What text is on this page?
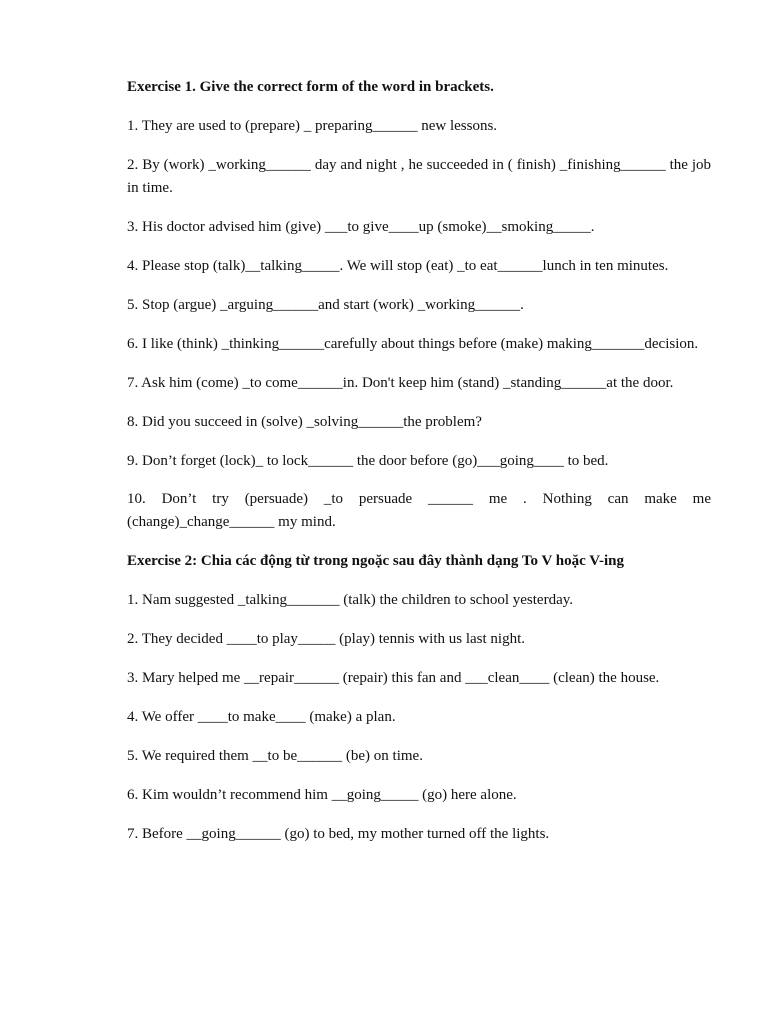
Exercise 1. Give the correct form of the word in brackets.

1. They are used to (prepare) _ preparing______ new lessons.

2. By (work) _working______ day and night , he succeeded in ( finish) _finishing______ the job in time.

3. His doctor advised him (give) ___to give____up (smoke)__smoking_____.

4. Please stop (talk)__talking_____. We will stop (eat) _to eat______lunch in ten minutes.

5. Stop (argue) _arguing______and start (work) _working______.

6. I like (think) _thinking______carefully about things before (make) making_______decision.

7. Ask him (come) _to come______in. Don't keep him (stand) _standing______at the door.

8. Did you succeed in (solve) _solving______the problem?

9. Don’t forget (lock)_ to lock______ the door before (go)___going____ to bed.

10. Don’t try (persuade) _to persuade ______ me . Nothing can make me (change)_change______ my mind.

Exercise 2: Chia các động từ trong ngoặc sau đây thành dạng To V hoặc V-ing

1. Nam suggested _talking_______ (talk) the children to school yesterday.

2. They decided ____to play_____ (play) tennis with us last night.

3. Mary helped me __repair______ (repair) this fan and ___clean____ (clean) the house.

4. We offer ____to make____ (make) a plan.

5. We required them __to be______ (be) on time.

6. Kim wouldn’t recommend him __going_____ (go) here alone.

7. Before __going______ (go) to bed, my mother turned off the lights.
